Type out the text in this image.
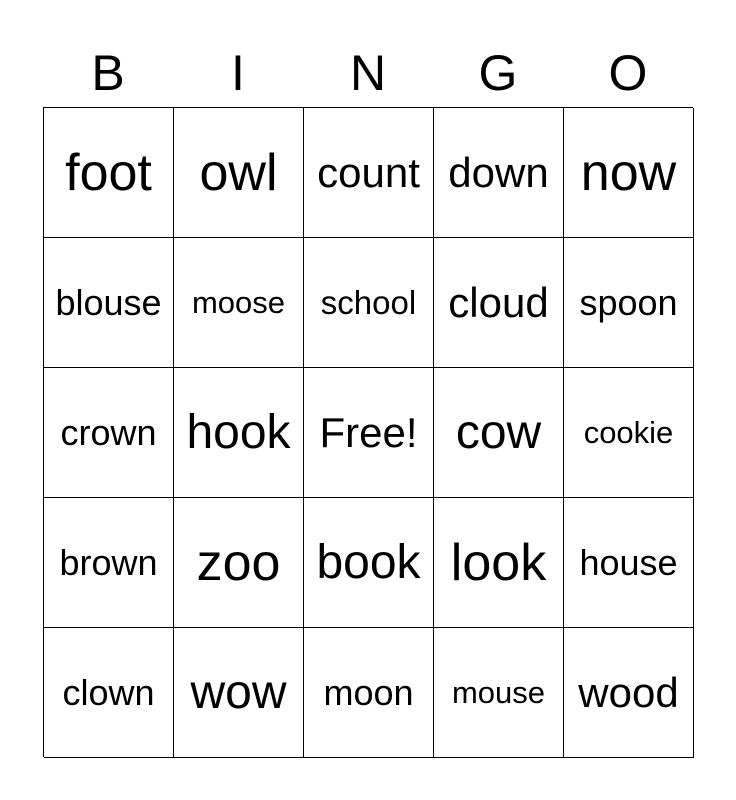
B	I	N	G	O
foot owl count down now
blouse moose	school cloud spoon
crown hook Free! cow	cookie
brown zoo book look house
clown wow	moon	mouse wood
